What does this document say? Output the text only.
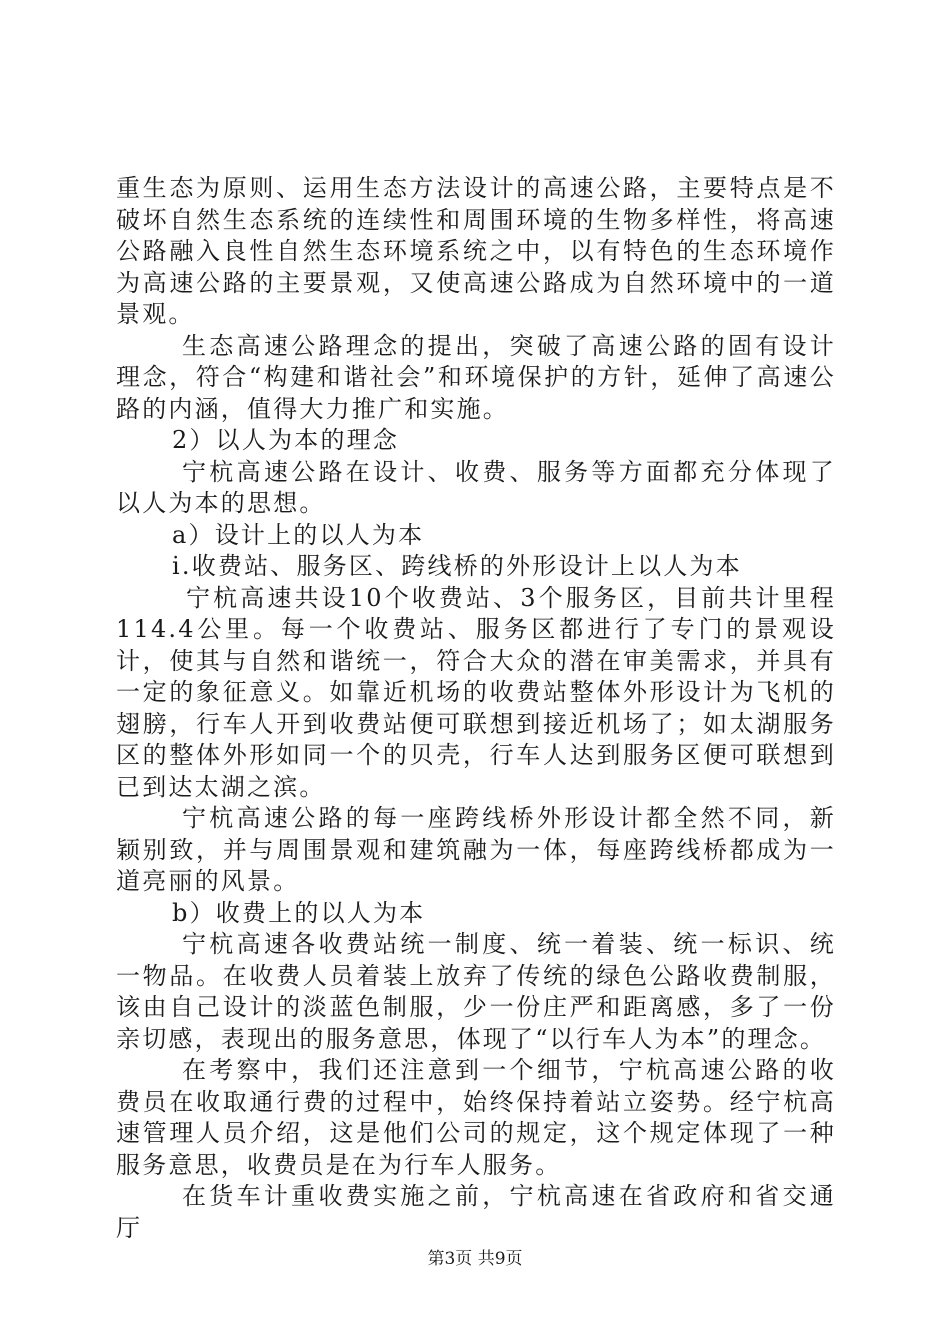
重生态为原则、运用生态方法设计的高速公路，主要特点是不破坏自然生态系统的连续性和周围环境的生物多样性，将高速公路融入良性自然生态环境系统之中，以有特色的生态环境作为高速公路的主要景观，又使高速公路成为自然环境中的一道景观。

生态高速公路理念的提出，突破了高速公路的固有设计理念，符合“构建和谐社会”和环境保护的方针，延伸了高速公路的内涵，值得大力推广和实施。

2）以人为本的理念

宁杭高速公路在设计、收费、服务等方面都充分体现了以人为本的思想。

a）设计上的以人为本

i.收费站、服务区、跨线桥的外形设计上以人为本

宁杭高速共设10个收费站、3个服务区，目前共计里程114.4公里。每一个收费站、服务区都进行了专门的景观设计，使其与自然和谐统一，符合大众的潜在审美需求，并具有一定的象征意义。如靠近机场的收费站整体外形设计为飞机的翅膀，行车人开到收费站便可联想到接近机场了；如太湖服务区的整体外形如同一个的贝壳，行车人达到服务区便可联想到已到达太湖之滨。

宁杭高速公路的每一座跨线桥外形设计都全然不同，新颖别致，并与周围景观和建筑融为一体，每座跨线桥都成为一道亮丽的风景。

b）收费上的以人为本

宁杭高速各收费站统一制度、统一着装、统一标识、统一物品。在收费人员着装上放弃了传统的绿色公路收费制服，该由自己设计的淡蓝色制服，少一份庄严和距离感，多了一份亲切感，表现出的服务意思，体现了“以行车人为本”的理念。

在考察中，我们还注意到一个细节，宁杭高速公路的收费员在收取通行费的过程中，始终保持着站立姿势。经宁杭高速管理人员介绍，这是他们公司的规定，这个规定体现了一种服务意思，收费员是在为行车人服务。

在货车计重收费实施之前，宁杭高速在省政府和省交通厅

第3页 共9页
